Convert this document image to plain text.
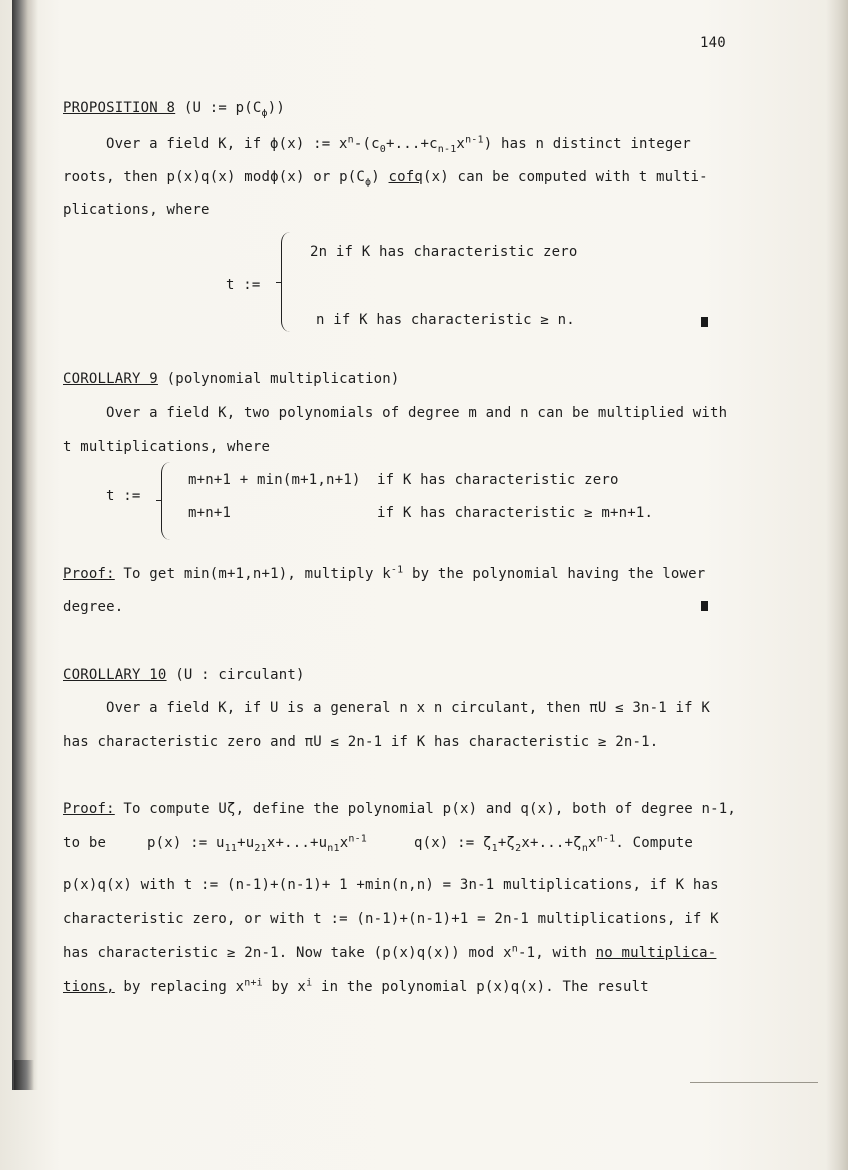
140
PROPOSITION 8 (U := $p(C_\phi)$)
Over a field K, if ϕ(x) := $x^n-(c_0+...+c_{n-1}x^{n-1})$ has n distinct integer
roots, then p(x)q(x) modϕ(x) or $p(C_\phi)$ cofq(x) can be computed with t multi-
plications, where
t :=
2n if K has characteristic zero
n if K has characteristic ≥ n.
COROLLARY 9 (polynomial multiplication)
Over a field K, two polynomials of degree m and n can be multiplied with
t multiplications, where
t :=
m+n+1 + min(m+1,n+1) if K has characteristic zero
m+n+1	if K has characteristic ≥ m+n+1.
Proof: To get min(m+1,n+1), multiply $k^{-1}$ by the polynomial having the lower
degree.
COROLLARY 10 (U : circulant)
Over a field K, if U is a general n x n circulant, then πU ≤ 3n-1 if K
has characteristic zero and πU ≤ 2n-1 if K has characteristic ≥ 2n-1.
Proof: To compute Uζ, define the polynomial p(x) and q(x), both of degree n-1,
to be	p(x) := $u_{11}+u_{21}x+...+u_{n1}x^{n-1}$	q(x) := $\zeta_1+\zeta_2x+...+\zeta_nx^{n-1}$. Compute
p(x)q(x) with t := (n-1)+(n-1)+ 1 +min(n,n) = 3n-1 multiplications, if K has
characteristic zero, or with t := (n-1)+(n-1)+1 = 2n-1 multiplications, if K
has characteristic ≥ 2n-1. Now take (p(x)q(x)) mod $x^n-1$, with no multiplica-
tions, by replacing $x^{n+i}$ by $x^i$ in the polynomial p(x)q(x). The result
